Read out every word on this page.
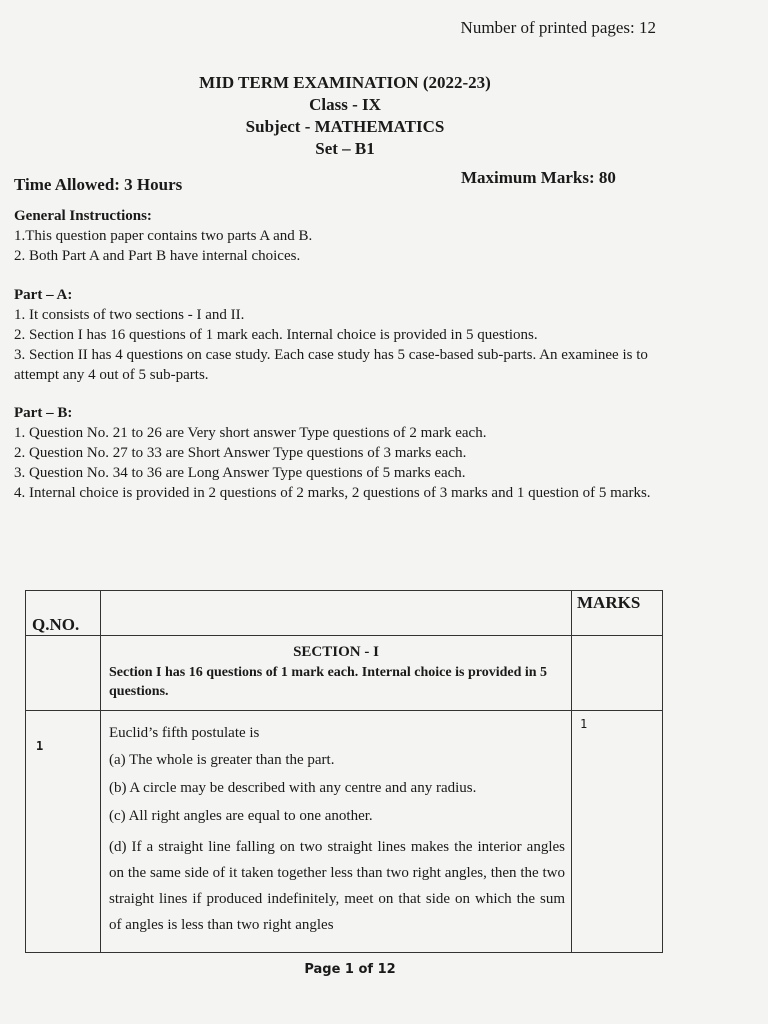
Number of printed pages: 12
MID TERM EXAMINATION (2022-23)
Class - IX
Subject - MATHEMATICS
Set – B1
Time Allowed: 3 Hours	Maximum Marks: 80
General Instructions:
1.This question paper contains two parts A and B.
2. Both Part A and Part B have internal choices.
Part – A:
1. It consists of two sections - I and II.
2. Section I has 16 questions of 1 mark each. Internal choice is provided in 5 questions.
3. Section II has 4 questions on case study. Each case study has 5 case-based sub-parts. An examinee is to attempt any 4 out of 5 sub-parts.
Part – B:
1. Question No. 21 to 26 are Very short answer Type questions of 2 mark each.
2. Question No. 27 to 33 are Short Answer Type questions of 3 marks each.
3. Question No. 34 to 36 are Long Answer Type questions of 5 marks each.
4. Internal choice is provided in 2 questions of 2 marks, 2 questions of 3 marks and 1 question of 5 marks.
Q.NO.		MARKS

	SECTION - I
Section I has 16 questions of 1 mark each. Internal choice is provided in 5 questions.	

1	Euclid’s fifth postulate is
(a) The whole is greater than the part.
(b) A circle may be described with any centre and any radius.
(c) All right angles are equal to one another.
(d) If a straight line falling on two straight lines makes the interior angles on the same side of it taken together less than two right angles, then the two straight lines if produced indefinitely, meet on that side on which the sum of angles is less than two right angles	1
Page 1 of 12
